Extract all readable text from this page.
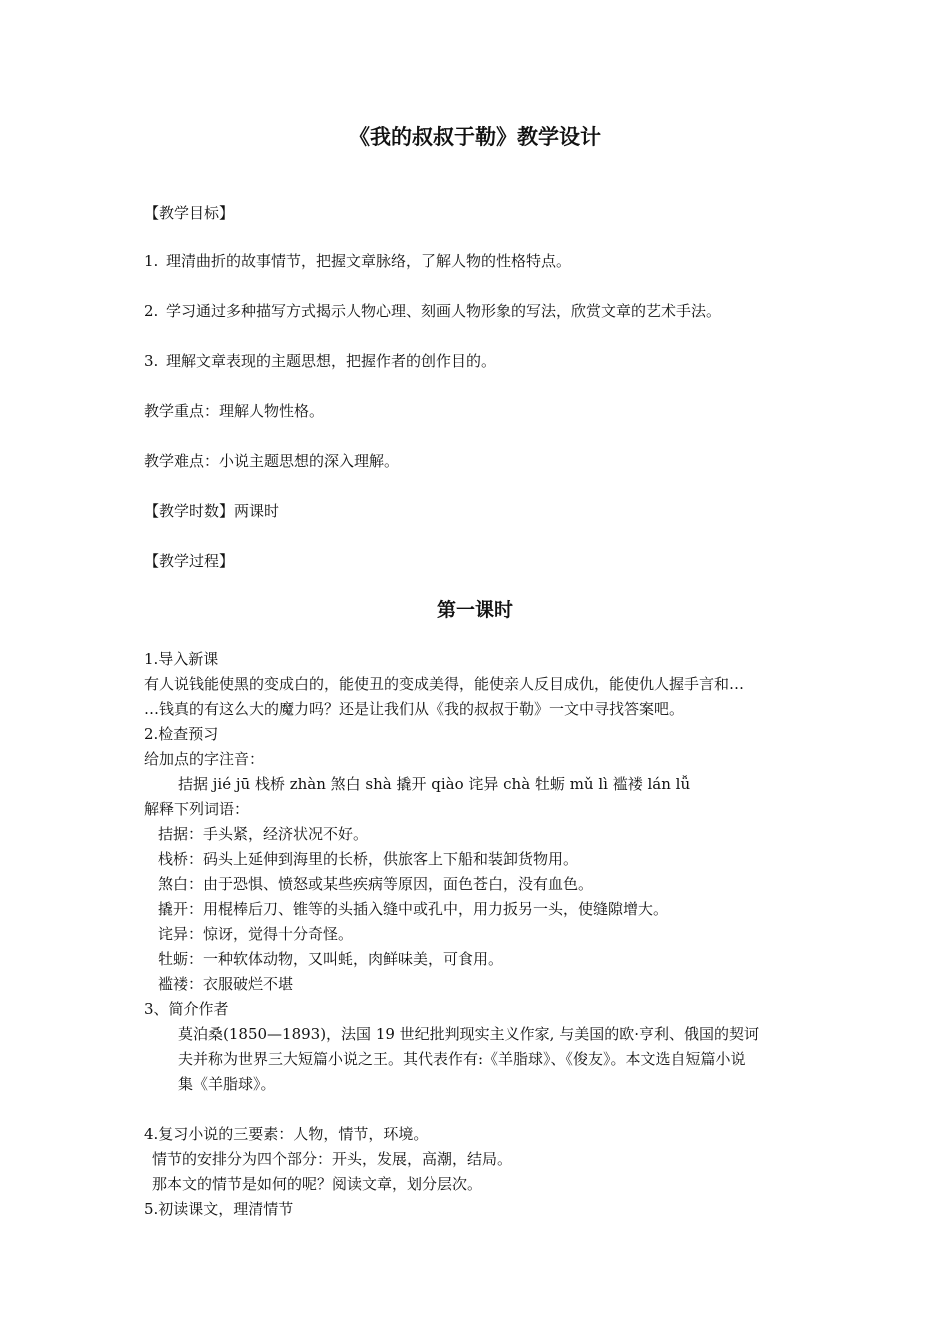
《我的叔叔于勒》教学设计

【教学目标】

1. 理清曲折的故事情节，把握文章脉络，了解人物的性格特点。

2. 学习通过多种描写方式揭示人物心理、刻画人物形象的写法，欣赏文章的艺术手法。

3. 理解文章表现的主题思想，把握作者的创作目的。

教学重点：理解人物性格。

教学难点：小说主题思想的深入理解。

【教学时数】两课时

【教学过程】

第一课时

1.导入新课

有人说钱能使黑的变成白的，能使丑的变成美得，能使亲人反目成仇，能使仇人握手言和…

…钱真的有这么大的魔力吗？还是让我们从《我的叔叔于勒》一文中寻找答案吧。

2.检查预习

给加点的字注音：

拮据 jié jū 栈桥 zhàn 煞白 shà 撬开 qiào 诧异 chà 牡蛎 mǔ lì 褴褛 lán lǚ

解释下列词语：

拮据：手头紧，经济状况不好。

栈桥：码头上延伸到海里的长桥，供旅客上下船和装卸货物用。

煞白：由于恐惧、愤怒或某些疾病等原因，面色苍白，没有血色。

撬开：用棍棒后刀、锥等的头插入缝中或孔中，用力扳另一头，使缝隙增大。

诧异：惊讶，觉得十分奇怪。

牡蛎：一种软体动物，又叫蚝，肉鲜味美，可食用。

褴褛：衣服破烂不堪

3、简介作者

莫泊桑(1850—1893)，法国 19 世纪批判现实主义作家, 与美国的欧·亨利、俄国的契诃

夫并称为世界三大短篇小说之王。其代表作有:《羊脂球》、《俊友》。本文选自短篇小说

集《羊脂球》。

4.复习小说的三要素：人物，情节，环境。

情节的安排分为四个部分：开头，发展，高潮，结局。

那本文的情节是如何的呢？阅读文章，划分层次。

5.初读课文，理清情节
